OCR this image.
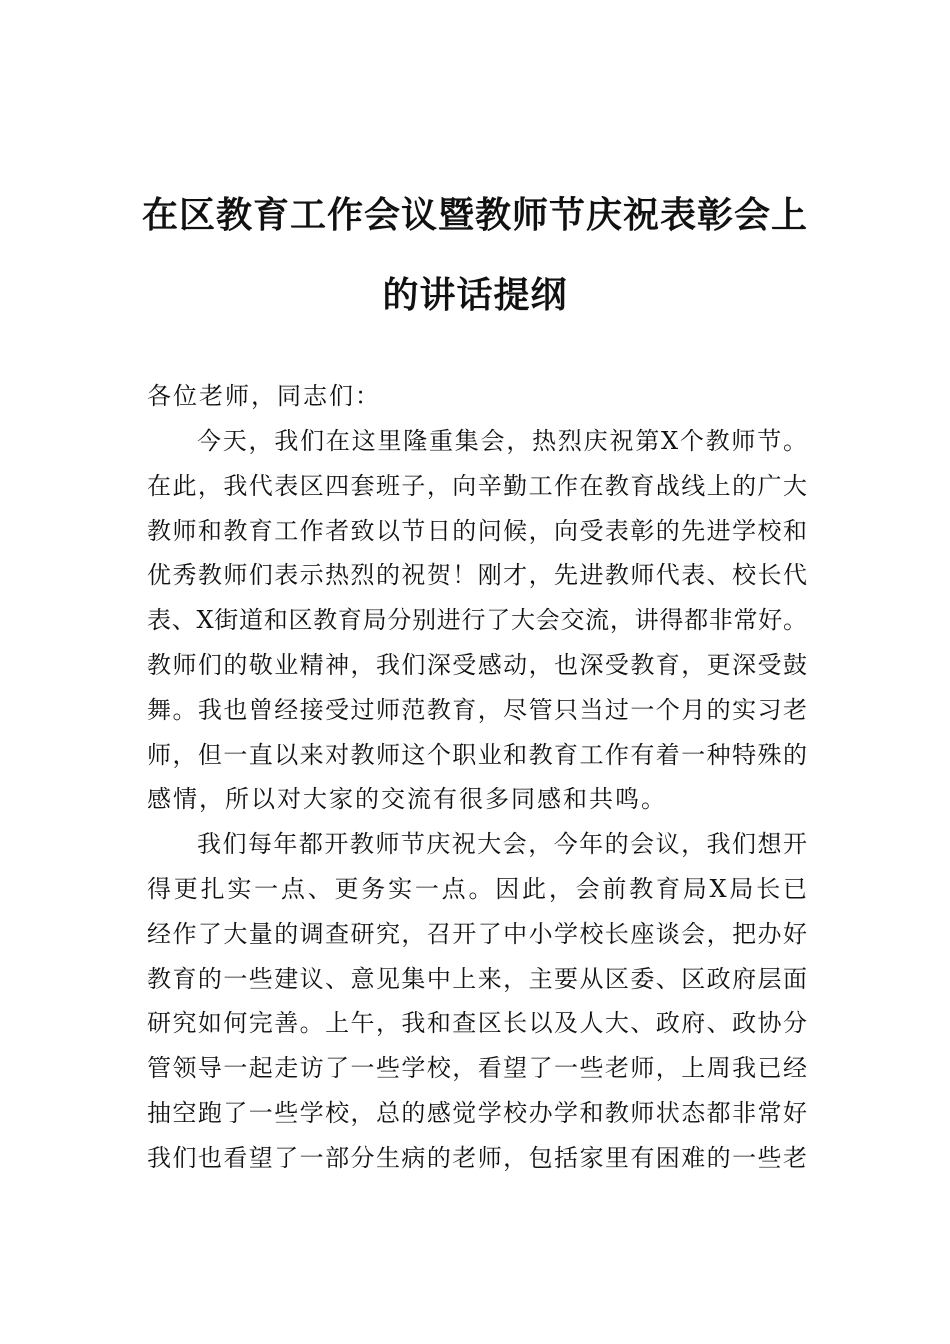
在区教育工作会议暨教师节庆祝表彰会上
的讲话提纲
各位老师，同志们：
今天，我们在这里隆重集会，热烈庆祝第X个教师节。
在此，我代表区四套班子，向辛勤工作在教育战线上的广大
教师和教育工作者致以节日的问候，向受表彰的先进学校和
优秀教师们表示热烈的祝贺！刚才，先进教师代表、校长代
表、X街道和区教育局分别进行了大会交流，讲得都非常好。
教师们的敬业精神，我们深受感动，也深受教育，更深受鼓
舞。我也曾经接受过师范教育，尽管只当过一个月的实习老
师，但一直以来对教师这个职业和教育工作有着一种特殊的
感情，所以对大家的交流有很多同感和共鸣。
我们每年都开教师节庆祝大会，今年的会议，我们想开
得更扎实一点、更务实一点。因此，会前教育局X局长已
经作了大量的调查研究，召开了中小学校长座谈会，把办好
教育的一些建议、意见集中上来，主要从区委、区政府层面
研究如何完善。上午，我和查区长以及人大、政府、政协分
管领导一起走访了一些学校，看望了一些老师，上周我已经
抽空跑了一些学校，总的感觉学校办学和教师状态都非常好
我们也看望了一部分生病的老师，包括家里有困难的一些老
